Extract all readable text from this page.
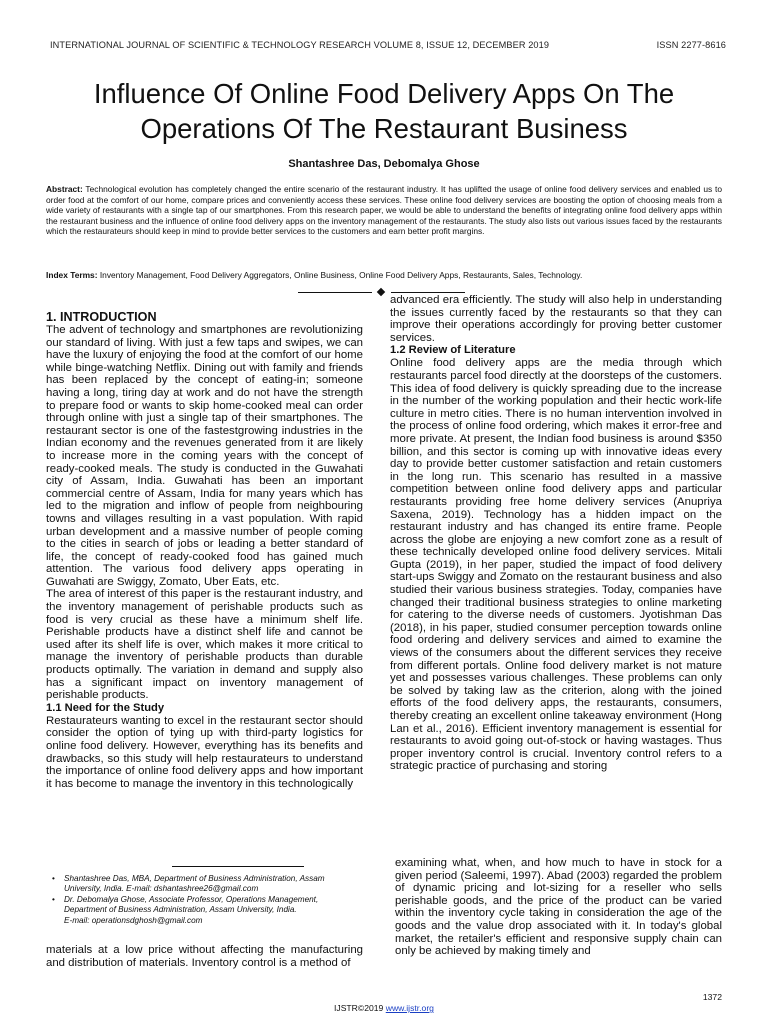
INTERNATIONAL JOURNAL OF SCIENTIFIC & TECHNOLOGY RESEARCH VOLUME 8, ISSUE 12, DECEMBER 2019	ISSN 2277-8616
Influence Of Online Food Delivery Apps On The Operations Of The Restaurant Business
Shantashree Das, Debomalya Ghose

Abstract: Technological evolution has completely changed the entire scenario of the restaurant industry. It has uplifted the usage of online food delivery services and enabled us to order food at the comfort of our home, compare prices and conveniently access these services. These online food delivery services are boosting the option of choosing meals from a wide variety of restaurants with a single tap of our smartphones. From this research paper, we would be able to understand the benefits of integrating online food delivery apps within the restaurant business and the influence of online food delivery apps on the inventory management of the restaurants. The study also lists out various issues faced by the restaurants which the restaurateurs should keep in mind to provide better services to the customers and earn better profit margins.

Index Terms: Inventory Management, Food Delivery Aggregators, Online Business, Online Food Delivery Apps, Restaurants, Sales, Technology.

1. INTRODUCTION

The advent of technology and smartphones are revolutionizing our standard of living. With just a few taps and swipes, we can have the luxury of enjoying the food at the comfort of our home while binge-watching Netflix. Dining out with family and friends has been replaced by the concept of eating-in; someone having a long, tiring day at work and do not have the strength to prepare food or wants to skip home-cooked meal can order through online with just a single tap of their smartphones. The restaurant sector is one of the fastestgrowing industries in the Indian economy and the revenues generated from it are likely to increase more in the coming years with the concept of ready-cooked meals. The study is conducted in the Guwahati city of Assam, India. Guwahati has been an important commercial centre of Assam, India for many years which has led to the migration and inflow of people from neighbouring towns and villages resulting in a vast population. With rapid urban development and a massive number of people coming to the cities in search of jobs or leading a better standard of life, the concept of ready-cooked food has gained much attention. The various food delivery apps operating in Guwahati are Swiggy, Zomato, Uber Eats, etc.

The area of interest of this paper is the restaurant industry, and the inventory management of perishable products such as food is very crucial as these have a minimum shelf life. Perishable products have a distinct shelf life and cannot be used after its shelf life is over, which makes it more critical to manage the inventory of perishable products than durable products optimally. The variation in demand and supply also has a significant impact on inventory management of perishable products.

1.1 Need for the Study

Restaurateurs wanting to excel in the restaurant sector should consider the option of tying up with third-party logistics for online food delivery. However, everything has its benefits and drawbacks, so this study will help restaurateurs to understand the importance of online food delivery apps and how important it has become to manage the inventory in this technologically

• Shantashree Das, MBA, Department of Business Administration, Assam University, India. E-mail: dshantashree26@gmail.com
• Dr. Debomalya Ghose, Associate Professor, Operations Management, Department of Business Administration, Assam University, India.
E-mail: operationsdghosh@gmail.com

materials at a low price without affecting the manufacturing and distribution of materials. Inventory control is a method of

advanced era efficiently. The study will also help in understanding the issues currently faced by the restaurants so that they can improve their operations accordingly for proving better customer services.

1.2 Review of Literature

Online food delivery apps are the media through which restaurants parcel food directly at the doorsteps of the customers. This idea of food delivery is quickly spreading due to the increase in the number of the working population and their hectic work-life culture in metro cities. There is no human intervention involved in the process of online food ordering, which makes it error-free and more private. At present, the Indian food business is around $350 billion, and this sector is coming up with innovative ideas every day to provide better customer satisfaction and retain customers in the long run. This scenario has resulted in a massive competition between online food delivery apps and particular restaurants providing free home delivery services (Anupriya Saxena, 2019). Technology has a hidden impact on the restaurant industry and has changed its entire frame. People across the globe are enjoying a new comfort zone as a result of these technically developed online food delivery services. Mitali Gupta (2019), in her paper, studied the impact of food delivery start-ups Swiggy and Zomato on the restaurant business and also studied their various business strategies. Today, companies have changed their traditional business strategies to online marketing for catering to the diverse needs of customers. Jyotishman Das (2018), in his paper, studied consumer perception towards online food ordering and delivery services and aimed to examine the views of the consumers about the different services they receive from different portals. Online food delivery market is not mature yet and possesses various challenges. These problems can only be solved by taking law as the criterion, along with the joined efforts of the food delivery apps, the restaurants, consumers, thereby creating an excellent online takeaway environment (Hong Lan et al., 2016). Efficient inventory management is essential for restaurants to avoid going out-of-stock or having wastages. Thus proper inventory control is crucial. Inventory control refers to a strategic practice of purchasing and storing

examining what, when, and how much to have in stock for a given period (Saleemi, 1997). Abad (2003) regarded the problem of dynamic pricing and lot-sizing for a reseller who sells perishable goods, and the price of the product can be varied within the inventory cycle taking in consideration the age of the goods and the value drop associated with it. In today's global market, the retailer's efficient and responsive supply chain can only be achieved by making timely and

IJSTR©2019 www.ijstr.org
1372
